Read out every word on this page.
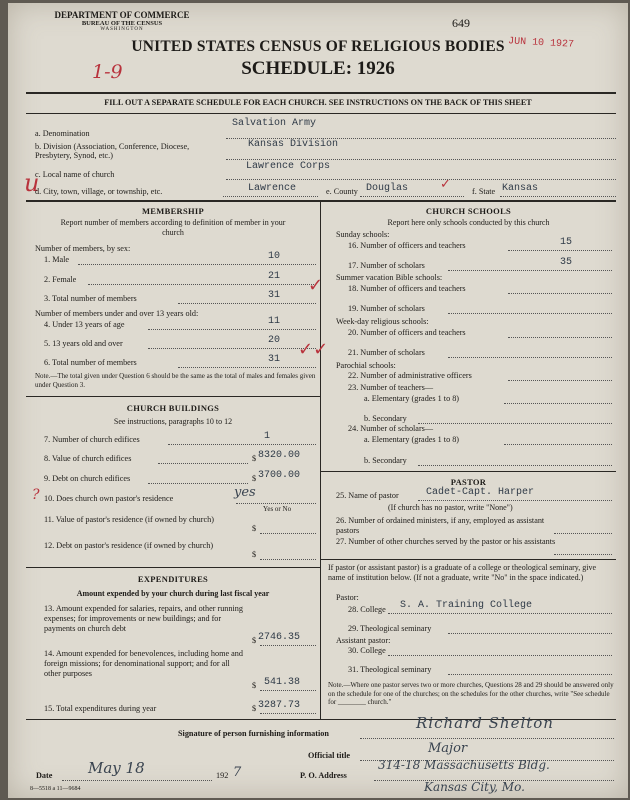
DEPARTMENT OF COMMERCE
BUREAU OF THE CENSUS
WASHINGTON	649
JUN 10 1927
UNITED STATES CENSUS OF RELIGIOUS BODIES
SCHEDULE: 1926
1-9
FILL OUT A SEPARATE SCHEDULE FOR EACH CHURCH. SEE INSTRUCTIONS ON THE BACK OF THIS SHEET
Salvation Army
a. Denomination
Kansas Division
b. Division (Association, Conference, Diocese, Presbytery, Synod, etc.)
Lawrence Corps
c. Local name of church
u
d. City, town, village, or township, etc.	Lawrence	e. County Douglas ✓	f. State Kansas
MEMBERSHIP
Report number of members according to definition of member in your church
Number of members, by sex:
1. Male	10
2. Female	21
3. Total number of members	31 ✓
Number of members under and over 13 years old:
4. Under 13 years of age	11
5. 13 years old and over	20
6. Total number of members	31 ✓✓
Note.—The total given under Question 6 should be the same as the total of males and females given under Question 3.
CHURCH BUILDINGS
See instructions, paragraphs 10 to 12
7. Number of church edifices	1
8. Value of church edifices	$ 8320.00
9. Debt on church edifices	$ 3700.00
? 10. Does church own pastor's residence	yes
Yes or No
11. Value of pastor's residence (if owned by church)
$
12. Debt on pastor's residence (if owned by church)
$
EXPENDITURES
Amount expended by your church during last fiscal year
13. Amount expended for salaries, repairs, and other running expenses; for improvements or new buildings; and for payments on church debt
$ 2746.35
14. Amount expended for benevolences, including home and foreign missions; for denominational support; and for all other purposes
$ 541.38
15. Total expenditures during year	$ 3287.73
CHURCH SCHOOLS
Report here only schools conducted by this church
Sunday schools:
16. Number of officers and teachers	15
17. Number of scholars	35
Summer vacation Bible schools:
18. Number of officers and teachers
19. Number of scholars
Week-day religious schools:
20. Number of officers and teachers
21. Number of scholars
Parochial schools:
22. Number of administrative officers
23. Number of teachers—
a. Elementary (grades 1 to 8)
b. Secondary
24. Number of scholars—
a. Elementary (grades 1 to 8)
b. Secondary
PASTOR
25. Name of pastor	Cadet-Capt. Harper
(If church has no pastor, write "None")
26. Number of ordained ministers, if any, employed as assistant pastors
27. Number of other churches served by the pastor or his assistants
If pastor (or assistant pastor) is a graduate of a college or theological seminary, give name of institution below. (If not a graduate, write "No" in the space indicated.)
Pastor:
28. College S. A. Training College
29. Theological seminary
Assistant pastor:
30. College
31. Theological seminary
Note.—Where one pastor serves two or more churches, Questions 28 and 29 should be answered only on the schedule for one of the churches; on the schedules for the other churches, write "See schedule for ________ church."
Signature of person furnishing information
Richard Shelton
Official title	Major
Date May 18	192 7	P. O. Address
314-18 Massachusetts Bldg.
Kansas City, Mo.
8—5518 a 11—9684
